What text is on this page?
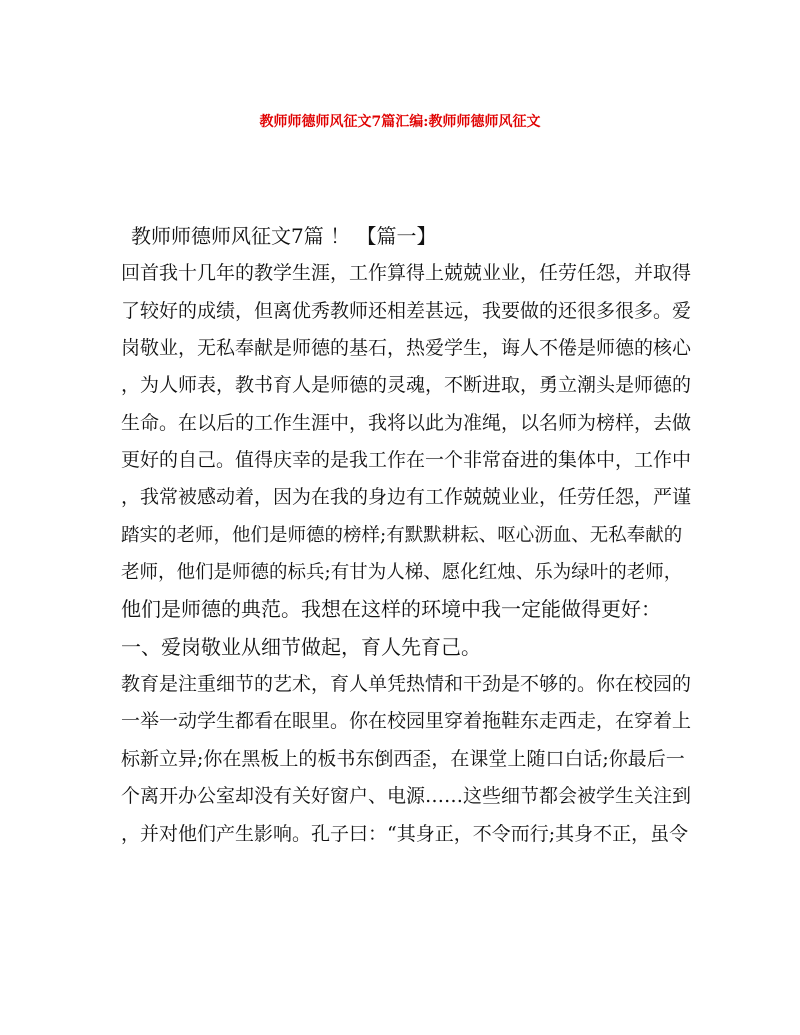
教师师德师风征文7篇汇编:教师师德师风征文
教师师德师风征文7篇 ！ 【篇一】
回首我十几年的教学生涯，工作算得上兢兢业业，任劳任怨，并取得
了较好的成绩，但离优秀教师还相差甚远，我要做的还很多很多。爱
岗敬业，无私奉献是师德的基石，热爱学生，诲人不倦是师德的核心
，为人师表，教书育人是师德的灵魂，不断进取，勇立潮头是师德的
生命。在以后的工作生涯中，我将以此为准绳，以名师为榜样，去做
更好的自己。值得庆幸的是我工作在一个非常奋进的集体中，工作中
，我常被感动着，因为在我的身边有工作兢兢业业，任劳任怨，严谨
踏实的老师，他们是师德的榜样;有默默耕耘、呕心沥血、无私奉献的
老师，他们是师德的标兵;有甘为人梯、愿化红烛、乐为绿叶的老师，
他们是师德的典范。我想在这样的环境中我一定能做得更好：
一、爱岗敬业从细节做起，育人先育己。
教育是注重细节的艺术，育人单凭热情和干劲是不够的。你在校园的
一举一动学生都看在眼里。你在校园里穿着拖鞋东走西走，在穿着上
标新立异;你在黑板上的板书东倒西歪，在课堂上随口白话;你最后一
个离开办公室却没有关好窗户、电源……这些细节都会被学生关注到
，并对他们产生影响。孔子曰：“其身正，不令而行;其身不正，虽令
